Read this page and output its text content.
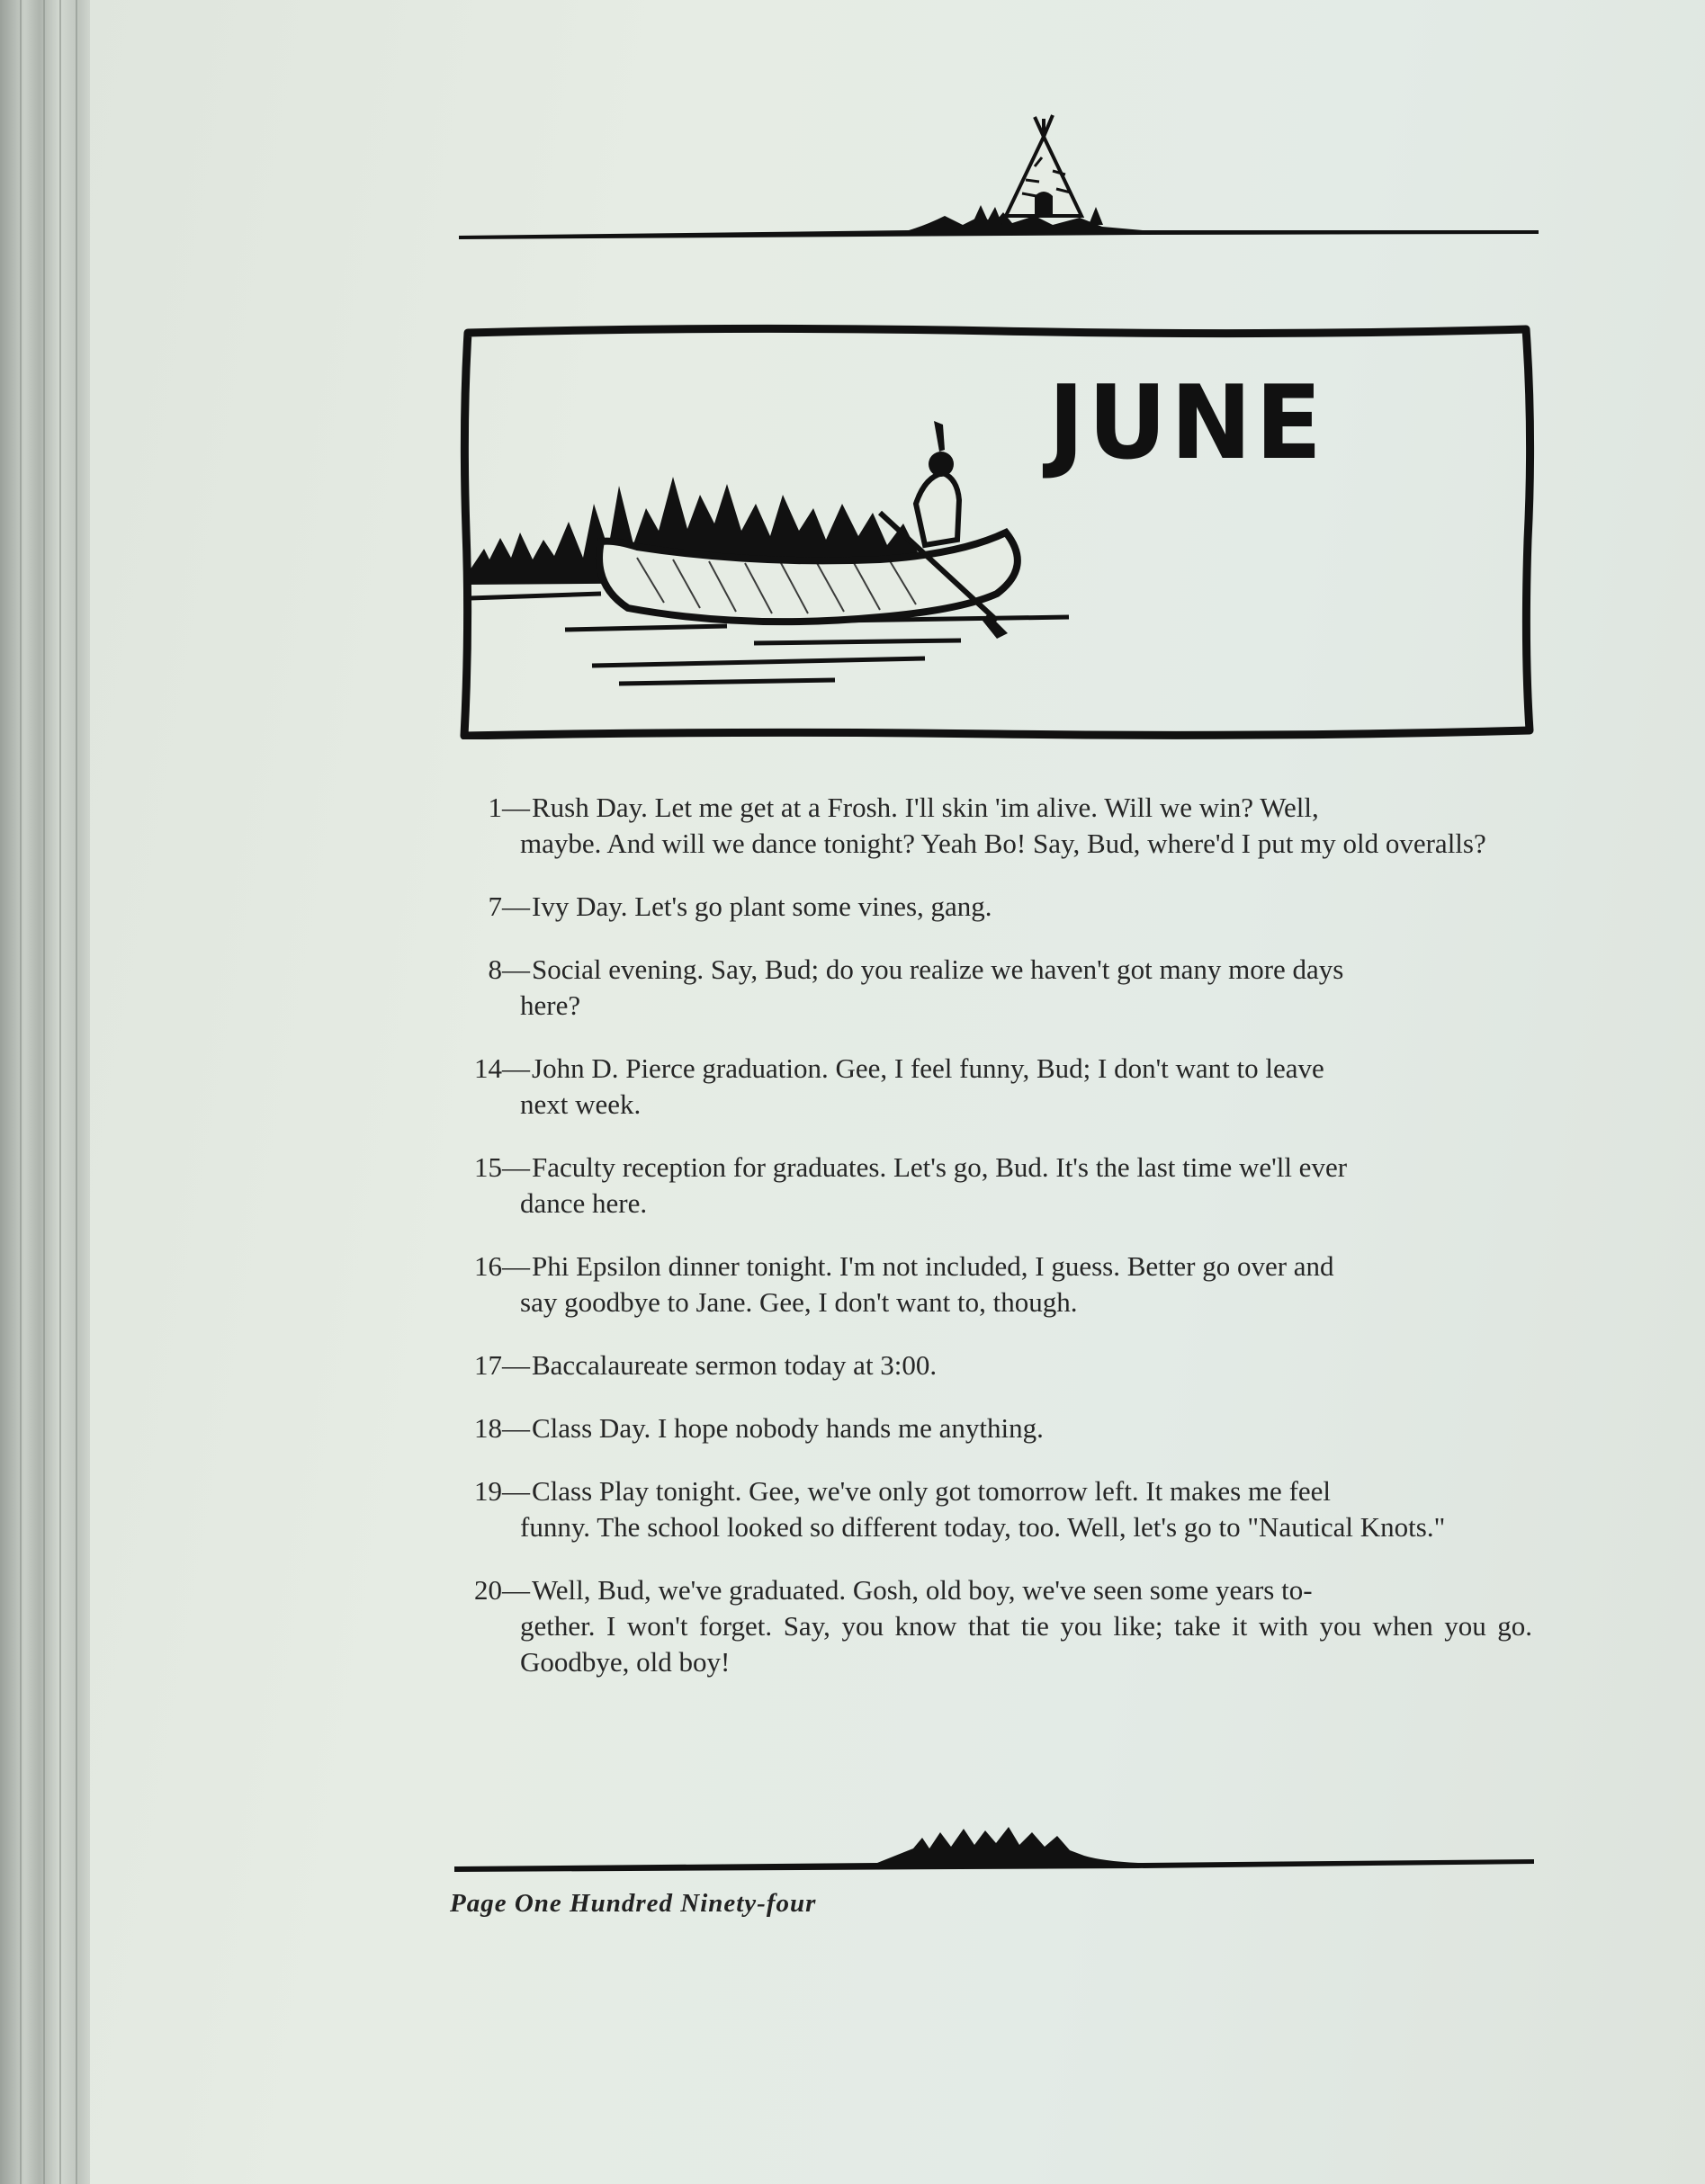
JUNE
1—Rush Day. Let me get at a Frosh. I'll skin 'im alive. Will we win? Well,
maybe. And will we dance tonight? Yeah Bo! Say, Bud, where'd I put my old overalls?
7—Ivy Day. Let's go plant some vines, gang.
8—Social evening. Say, Bud; do you realize we haven't got many more days
here?
14—John D. Pierce graduation. Gee, I feel funny, Bud; I don't want to leave
next week.
15—Faculty reception for graduates. Let's go, Bud. It's the last time we'll ever
dance here.
16—Phi Epsilon dinner tonight. I'm not included, I guess. Better go over and
say goodbye to Jane. Gee, I don't want to, though.
17—Baccalaureate sermon today at 3:00.
18—Class Day. I hope nobody hands me anything.
19—Class Play tonight. Gee, we've only got tomorrow left. It makes me feel
funny. The school looked so different today, too. Well, let's go to "Nautical Knots."
20—Well, Bud, we've graduated. Gosh, old boy, we've seen some years to-
gether. I won't forget. Say, you know that tie you like; take it with you when you go. Goodbye, old boy!
Page One Hundred Ninety-four
